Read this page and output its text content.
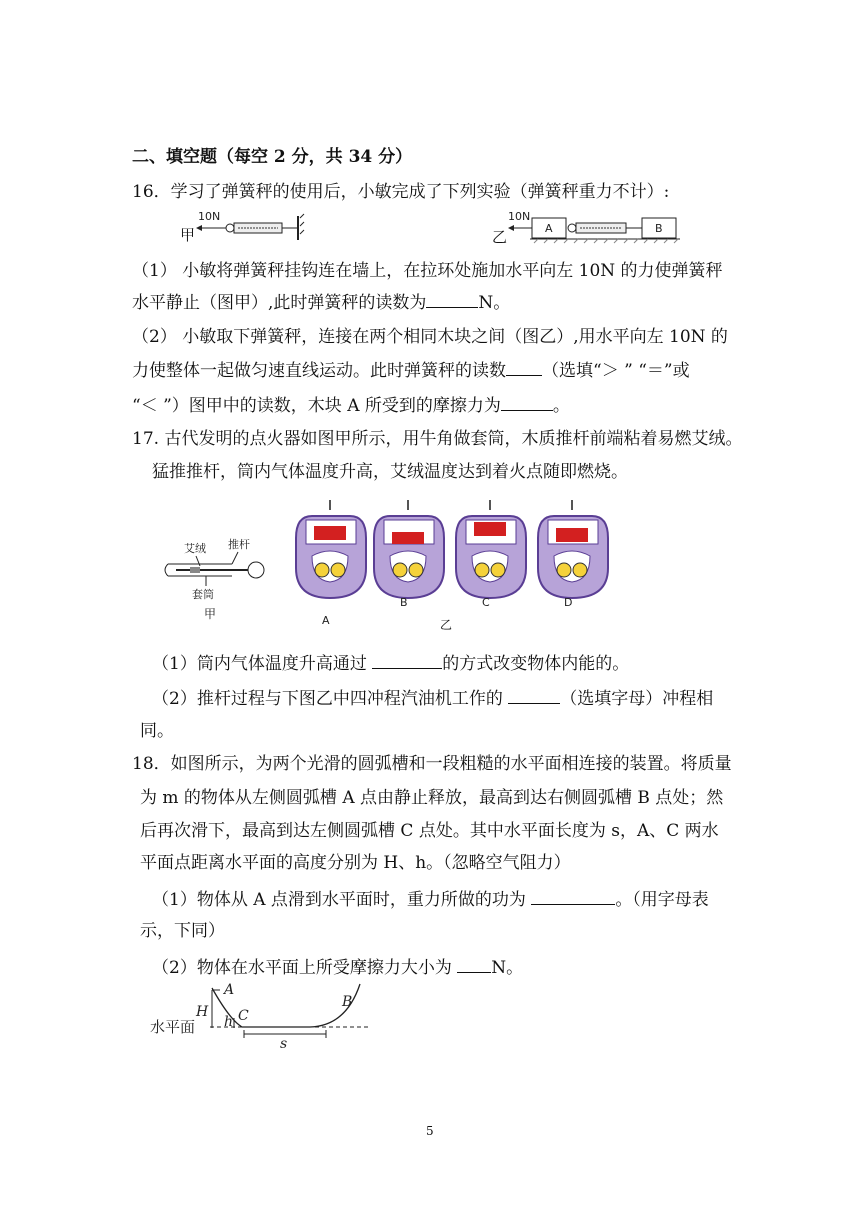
二、填空题（每空 2 分，共 34 分）
16．学习了弹簧秤的使用后，小敏完成了下列实验（弹簧秤重力不计）:
10N
甲	乙
10N
A	B
（1） 小敏将弹簧秤挂钩连在墙上，在拉环处施加水平向左 10N 的力使弹簧秤
水平静止（图甲）,此时弹簧秤的读数为	N。
（2） 小敏取下弹簧秤，连接在两个相同木块之间（图乙）,用水平向左 10N 的
力使整体一起做匀速直线运动。此时弹簧秤的读数 （选填“＞ ” “＝”或
“＜ ”）图甲中的读数，木块 A 所受到的摩擦力为	。
17. 古代发明的点火器如图甲所示，用牛角做套筒，木质推杆前端粘着易燃艾绒。
猛推推杆，筒内气体温度升高，艾绒温度达到着火点随即燃烧。
艾绒 推杆
套筒
甲	A
B	C	D
乙
（1）筒内气体温度升高通过	的方式改变物体内能的。
（2）推杆过程与下图乙中四冲程汽油机工作的	（选填字母）冲程相
同。
18．如图所示，为两个光滑的圆弧槽和一段粗糙的水平面相连接的装置。将质量
为 m 的物体从左侧圆弧槽 A 点由静止释放，最高到达右侧圆弧槽 B 点处；然
后再次滑下，最高到达左侧圆弧槽 C 点处。其中水平面长度为 s，A、C 两水
平面点距离水平面的高度分别为 H、h。（忽略空气阻力）
（1）物体从 A 点滑到水平面时，重力所做的功为	。（用字母表
示，下同）
（2）物体在水平面上所受摩擦力大小为 N。
水平面
H
A
h C
B
s
5
